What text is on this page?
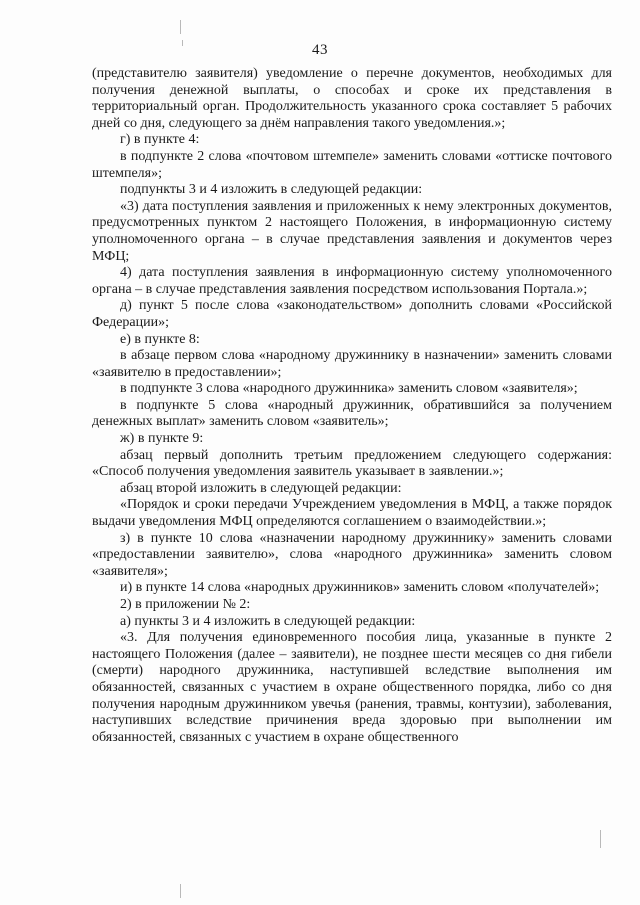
43

(представителю заявителя) уведомление о перечне документов, необходимых для получения денежной выплаты, о способах и сроке их представления в территориальный орган. Продолжительность указанного срока составляет 5 рабочих дней со дня, следующего за днём направления такого уведомления.»;

г) в пункте 4:

в подпункте 2 слова «почтовом штемпеле» заменить словами «оттиске почтового штемпеля»;

подпункты 3 и 4 изложить в следующей редакции:

«3) дата поступления заявления и приложенных к нему электронных документов, предусмотренных пунктом 2 настоящего Положения, в информационную систему уполномоченного органа – в случае представления заявления и документов через МФЦ;

4) дата поступления заявления в информационную систему уполномоченного органа – в случае представления заявления посредством использования Портала.»;

д) пункт 5 после слова «законодательством» дополнить словами «Российской Федерации»;

е) в пункте 8:

в абзаце первом слова «народному дружиннику в назначении» заменить словами «заявителю в предоставлении»;

в подпункте 3 слова «народного дружинника» заменить словом «заявителя»;

в подпункте 5 слова «народный дружинник, обратившийся за получением денежных выплат» заменить словом «заявитель»;

ж) в пункте 9:

абзац первый дополнить третьим предложением следующего содержания: «Способ получения уведомления заявитель указывает в заявлении.»;

абзац второй изложить в следующей редакции:

«Порядок и сроки передачи Учреждением уведомления в МФЦ, а также порядок выдачи уведомления МФЦ определяются соглашением о взаимодействии.»;

з) в пункте 10 слова «назначении народному дружиннику» заменить словами «предоставлении заявителю», слова «народного дружинника» заменить словом «заявителя»;

и) в пункте 14 слова «народных дружинников» заменить словом «получателей»;

2) в приложении № 2:

а) пункты 3 и 4 изложить в следующей редакции:

«3. Для получения единовременного пособия лица, указанные в пункте 2 настоящего Положения (далее – заявители), не позднее шести месяцев со дня гибели (смерти) народного дружинника, наступившей вследствие выполнения им обязанностей, связанных с участием в охране общественного порядка, либо со дня получения народным дружинником увечья (ранения, травмы, контузии), заболевания, наступивших вследствие причинения вреда здоровью при выполнении им обязанностей, связанных с участием в охране общественного
